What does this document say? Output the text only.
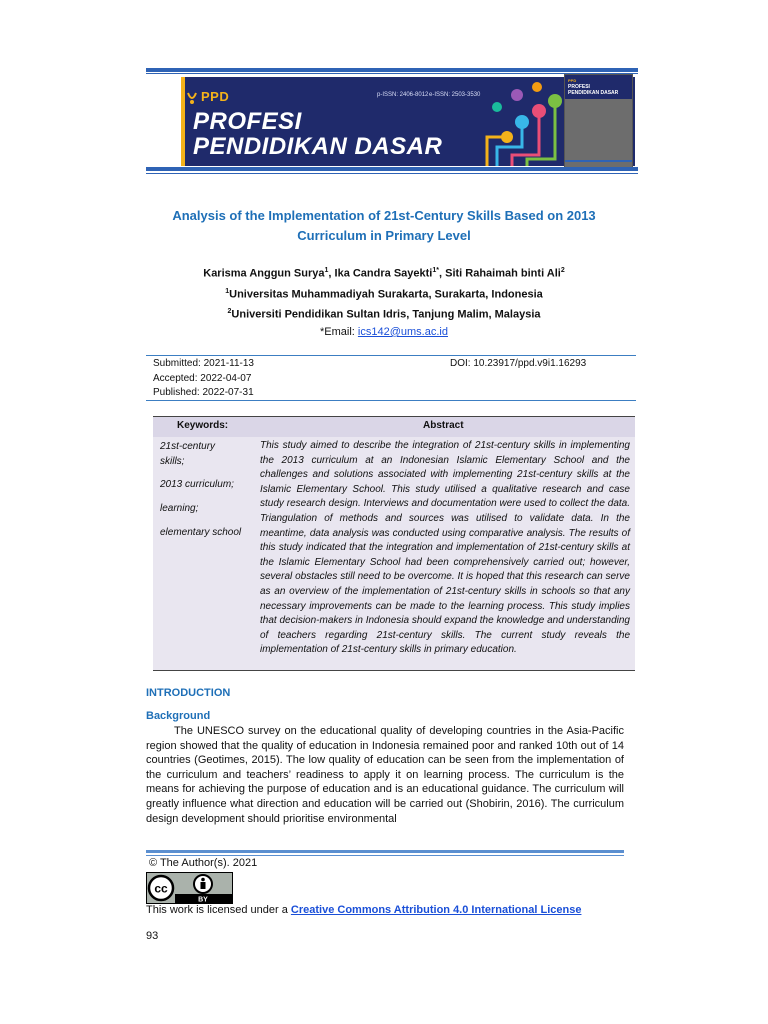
PPD	p-ISSN: 2406-8012 e-ISSN: 2503-3530
PROFESI
PENDIDIKAN DASAR
PPD
PROFESI
PENDIDIKAN DASAR
Analysis of the Implementation of 21st-Century Skills Based on 2013
Curriculum in Primary Level
Karisma Anggun Surya$^1$, Ika Candra Sayekti$^{1*}$, Siti Rahaimah binti Ali$^2$
$^1$Universitas Muhammadiyah Surakarta, Surakarta, Indonesia
$^2$Universiti Pendidikan Sultan Idris, Tanjung Malim, Malaysia
*Email: ics142@ums.ac.id
Submitted: 2021-11-13	DOI: 10.23917/ppd.v9i1.16293
Accepted: 2022-04-07
Published: 2022-07-31
Keywords:	Abstract
21st-century
skills;
2013 curriculum;
learning;
elementary school
This study aimed to describe the integration of 21st-century skills in implementing the 2013 curriculum at an Indonesian Islamic Elementary School and the challenges and solutions associated with implementing 21st-century skills at the Islamic Elementary School. This study utilised a qualitative research and case study research design. Interviews and documentation were used to collect the data. Triangulation of methods and sources was utilised to validate data. In the meantime, data analysis was conducted using comparative analysis. The results of this study indicated that the integration and implementation of 21st-century skills at the Islamic Elementary School had been comprehensively carried out; however, several obstacles still need to be overcome. It is hoped that this research can serve as an overview of the implementation of 21st-century skills in schools so that any necessary improvements can be made to the learning process. This study implies that decision-makers in Indonesia should expand the knowledge and understanding of teachers regarding 21st-century skills. The current study reveals the implementation of 21st-century skills in primary education.
INTRODUCTION
Background
The UNESCO survey on the educational quality of developing countries in the Asia-Pacific region showed that the quality of education in Indonesia remained poor and ranked 10th out of 14 countries (Geotimes, 2015). The low quality of education can be seen from the implementation of the curriculum and teachers’ readiness to apply it on learning process. The curriculum is the means for achieving the purpose of education and is an educational guidance. The curriculum will greatly influence what direction and education will be carried out (Shobirin, 2016). The curriculum design development should prioritise environmental
© The Author(s). 2021
cc
BY
This work is licensed under a Creative Commons Attribution 4.0 International License
93
